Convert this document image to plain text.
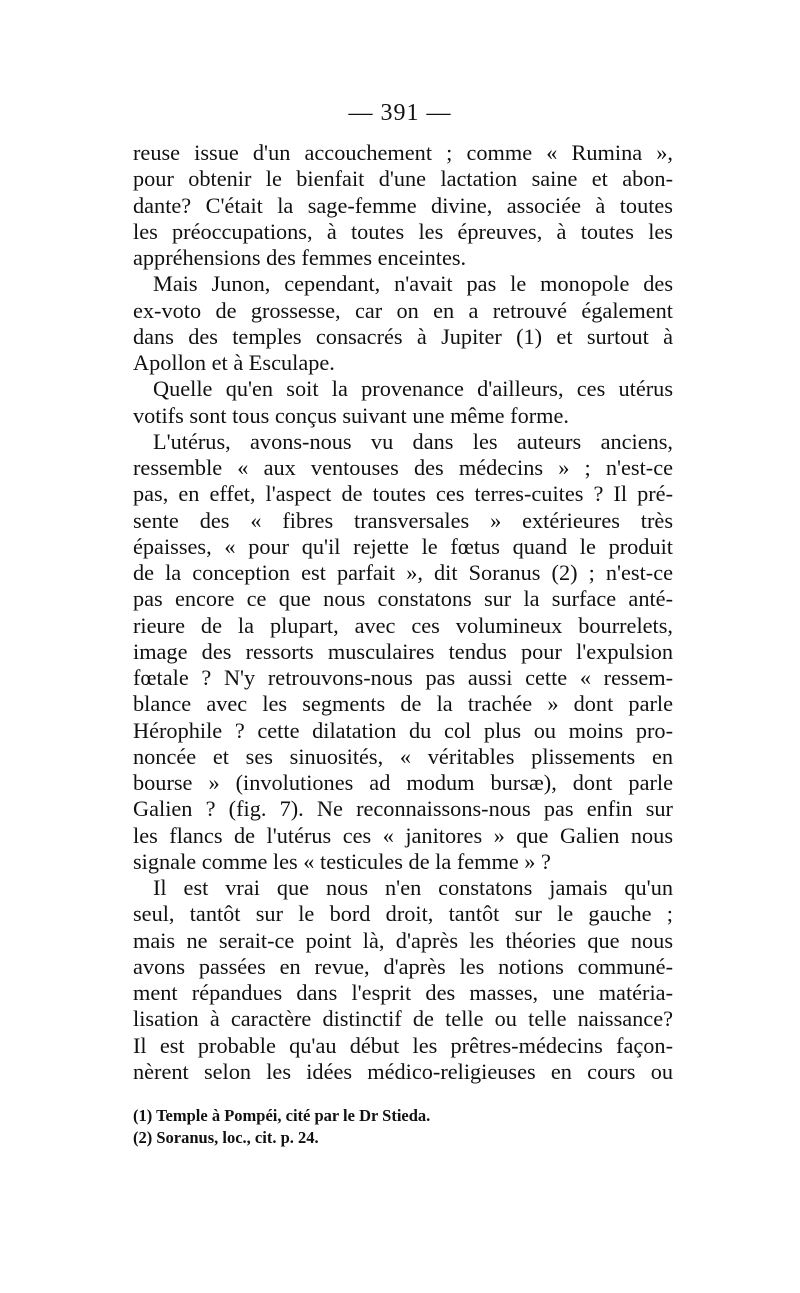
— 391 —
reuse issue d'un accouchement ; comme « Rumina »,
pour obtenir le bienfait d'une lactation saine et abon-
dante? C'était la sage-femme divine, associée à toutes
les préoccupations, à toutes les épreuves, à toutes les
appréhensions des femmes enceintes.
Mais Junon, cependant, n'avait pas le monopole des
ex-voto de grossesse, car on en a retrouvé également
dans des temples consacrés à Jupiter (1) et surtout à
Apollon et à Esculape.
Quelle qu'en soit la provenance d'ailleurs, ces utérus
votifs sont tous conçus suivant une même forme.
L'utérus, avons-nous vu dans les auteurs anciens,
ressemble « aux ventouses des médecins » ; n'est-ce
pas, en effet, l'aspect de toutes ces terres-cuites ? Il pré-
sente des « fibres transversales » extérieures très
épaisses, « pour qu'il rejette le fœtus quand le produit
de la conception est parfait », dit Soranus (2) ; n'est-ce
pas encore ce que nous constatons sur la surface anté-
rieure de la plupart, avec ces volumineux bourrelets,
image des ressorts musculaires tendus pour l'expulsion
fœtale ? N'y retrouvons-nous pas aussi cette « ressem-
blance avec les segments de la trachée » dont parle
Hérophile ? cette dilatation du col plus ou moins pro-
noncée et ses sinuosités, « véritables plissements en
bourse » (involutiones ad modum bursæ), dont parle
Galien ? (fig. 7). Ne reconnaissons-nous pas enfin sur
les flancs de l'utérus ces « janitores » que Galien nous
signale comme les « testicules de la femme » ?
Il est vrai que nous n'en constatons jamais qu'un
seul, tantôt sur le bord droit, tantôt sur le gauche ;
mais ne serait-ce point là, d'après les théories que nous
avons passées en revue, d'après les notions communé-
ment répandues dans l'esprit des masses, une matéria-
lisation à caractère distinctif de telle ou telle naissance?
Il est probable qu'au début les prêtres-médecins façon-
nèrent selon les idées médico-religieuses en cours ou
(1) Temple à Pompéi, cité par le Dr Stieda.
(2) Soranus, loc., cit. p. 24.
